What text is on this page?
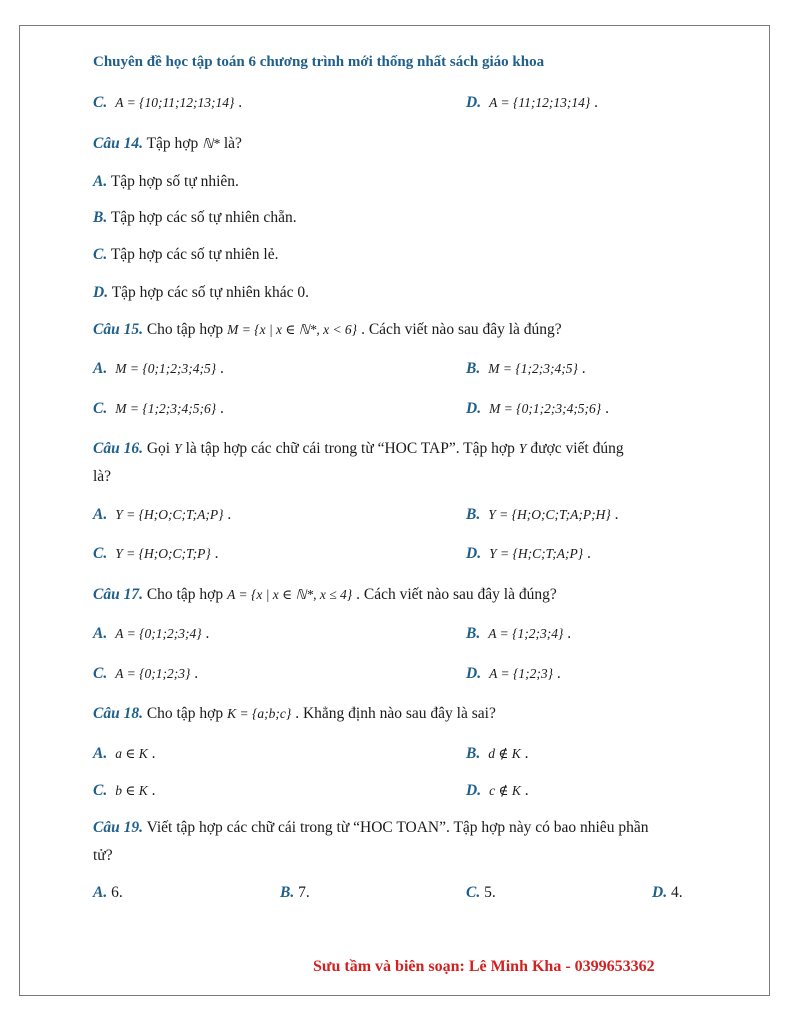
Chuyên đề học tập toán 6 chương trình mới thống nhất sách giáo khoa
C. A = {10;11;12;13;14} .	D. A = {11;12;13;14} .
Câu 14. Tập hợp ℕ* là?
A. Tập hợp số tự nhiên.
B. Tập hợp các số tự nhiên chẵn.
C. Tập hợp các số tự nhiên lẻ.
D. Tập hợp các số tự nhiên khác 0.
Câu 15. Cho tập hợp M = {x | x ∈ ℕ*, x < 6} . Cách viết nào sau đây là đúng?
A. M = {0;1;2;3;4;5} .	B. M = {1;2;3;4;5} .
C. M = {1;2;3;4;5;6} .	D. M = {0;1;2;3;4;5;6} .
Câu 16. Gọi Y là tập hợp các chữ cái trong từ “HOC TAP”. Tập hợp Y được viết đúng
là?
A. Y = {H;O;C;T;A;P} .	B. Y = {H;O;C;T;A;P;H} .
C. Y = {H;O;C;T;P} .	D. Y = {H;C;T;A;P} .
Câu 17. Cho tập hợp A = {x | x ∈ ℕ*, x ≤ 4} . Cách viết nào sau đây là đúng?
A. A = {0;1;2;3;4} .	B. A = {1;2;3;4} .
C. A = {0;1;2;3} .	D. A = {1;2;3} .
Câu 18. Cho tập hợp K = {a;b;c} . Khẳng định nào sau đây là sai?
A. a ∈ K .	B. d ∉ K .
C. b ∈ K .	D. c ∉ K .
Câu 19. Viết tập hợp các chữ cái trong từ “HOC TOAN”. Tập hợp này có bao nhiêu phần
tử?
A. 6.	B. 7.	C. 5.	D. 4.
Sưu tầm và biên soạn: Lê Minh Kha - 0399653362
